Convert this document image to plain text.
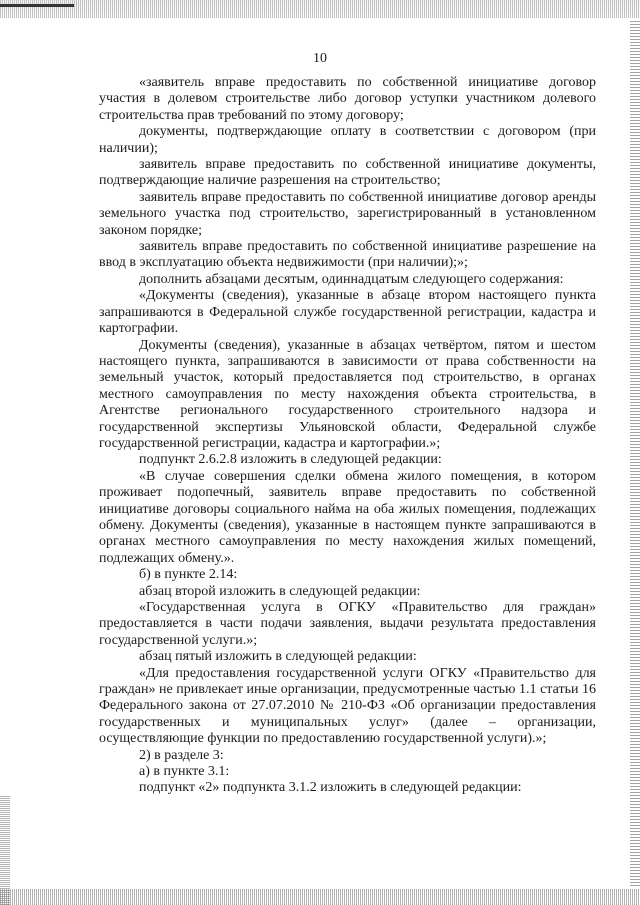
10

«заявитель вправе предоставить по собственной инициативе договор участия в долевом строительстве либо договор уступки участником долевого строительства прав требований по этому договору;

документы, подтверждающие оплату в соответствии с договором (при наличии);

заявитель вправе предоставить по собственной инициативе документы, подтверждающие наличие разрешения на строительство;

заявитель вправе предоставить по собственной инициативе договор аренды земельного участка под строительство, зарегистрированный в установленном законом порядке;

заявитель вправе предоставить по собственной инициативе разрешение на ввод в эксплуатацию объекта недвижимости (при наличии);»;

дополнить абзацами десятым, одиннадцатым следующего содержания:

«Документы (сведения), указанные в абзаце втором настоящего пункта запрашиваются в Федеральной службе государственной регистрации, кадастра и картографии.

Документы (сведения), указанные в абзацах четвёртом, пятом и шестом настоящего пункта, запрашиваются в зависимости от права собственности на земельный участок, который предоставляется под строительство, в органах местного самоуправления по месту нахождения объекта строительства, в Агентстве регионального государственного строительного надзора и государственной экспертизы Ульяновской области, Федеральной службе государственной регистрации, кадастра и картографии.»;

подпункт 2.6.2.8 изложить в следующей редакции:

«В случае совершения сделки обмена жилого помещения, в котором проживает подопечный, заявитель вправе предоставить по собственной инициативе договоры социального найма на оба жилых помещения, подлежащих обмену. Документы (сведения), указанные в настоящем пункте запрашиваются в органах местного самоуправления по месту нахождения жилых помещений, подлежащих обмену.».

б) в пункте 2.14:

абзац второй изложить в следующей редакции:

«Государственная услуга в ОГКУ «Правительство для граждан» предоставляется в части подачи заявления, выдачи результата предоставления государственной услуги.»;

абзац пятый изложить в следующей редакции:

«Для предоставления государственной услуги ОГКУ «Правительство для граждан» не привлекает иные организации, предусмотренные частью 1.1 статьи 16 Федерального закона от 27.07.2010 № 210-ФЗ «Об организации предоставления государственных и муниципальных услуг» (далее – организации, осуществляющие функции по предоставлению государственной услуги).»;

2) в разделе 3:

а) в пункте 3.1:

подпункт «2» подпункта 3.1.2 изложить в следующей редакции:
